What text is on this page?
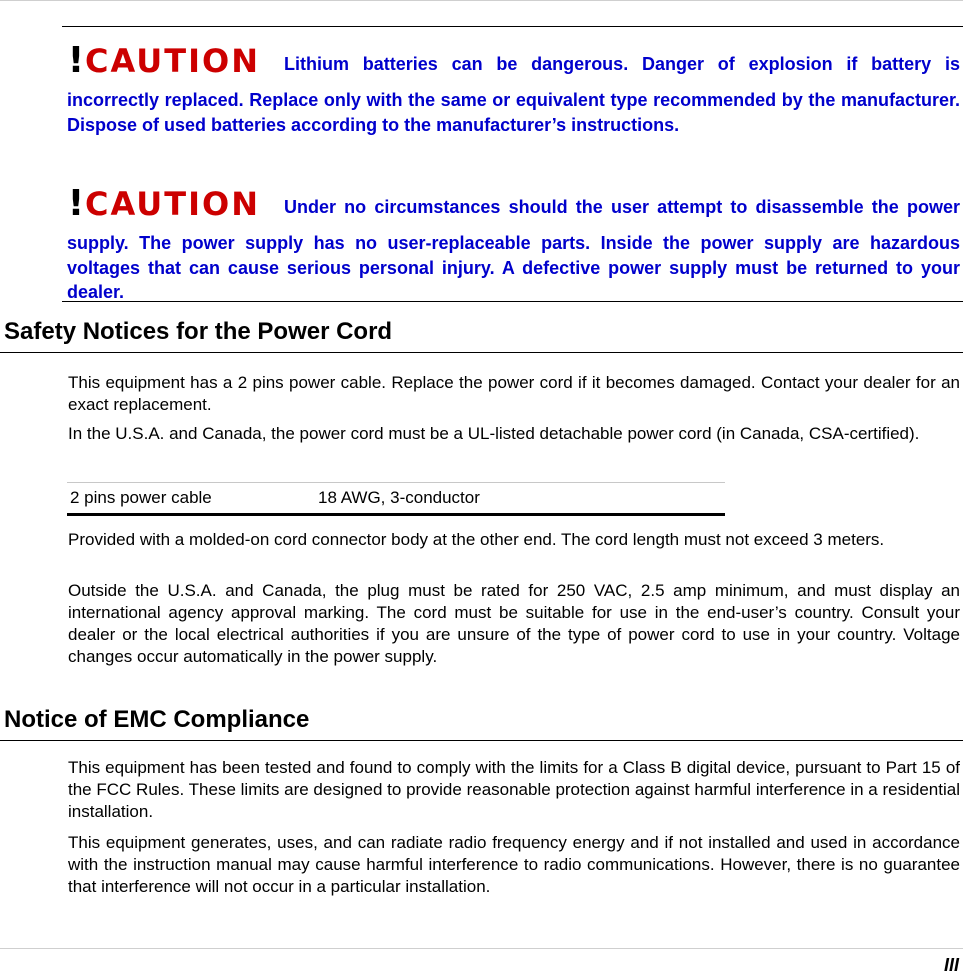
!CAUTION Lithium batteries can be dangerous. Danger of explosion if battery is incorrectly replaced. Replace only with the same or equivalent type recommended by the manufacturer. Dispose of used batteries according to the manufacturer’s instructions.

!CAUTION Under no circumstances should the user attempt to disassemble the power supply. The power supply has no user-replaceable parts. Inside the power supply are hazardous voltages that can cause serious personal injury. A defective power supply must be returned to your dealer.

Safety Notices for the Power Cord

This equipment has a 2 pins power cable. Replace the power cord if it becomes damaged. Contact your dealer for an exact replacement.

In the U.S.A. and Canada, the power cord must be a UL-listed detachable power cord (in Canada, CSA-certified).

2 pins power cable	18 AWG, 3-conductor

Provided with a molded-on cord connector body at the other end. The cord length must not exceed 3 meters.

Outside the U.S.A. and Canada, the plug must be rated for 250 VAC, 2.5 amp minimum, and must display an international agency approval marking. The cord must be suitable for use in the end-user’s country. Consult your dealer or the local electrical authorities if you are unsure of the type of power cord to use in your country. Voltage changes occur automatically in the power supply.

Notice of EMC Compliance

This equipment has been tested and found to comply with the limits for a Class B digital device, pursuant to Part 15 of the FCC Rules. These limits are designed to provide reasonable protection against harmful interference in a residential installation.

This equipment generates, uses, and can radiate radio frequency energy and if not installed and used in accordance with the instruction manual may cause harmful interference to radio communications. However, there is no guarantee that interference will not occur in a particular installation.

III
